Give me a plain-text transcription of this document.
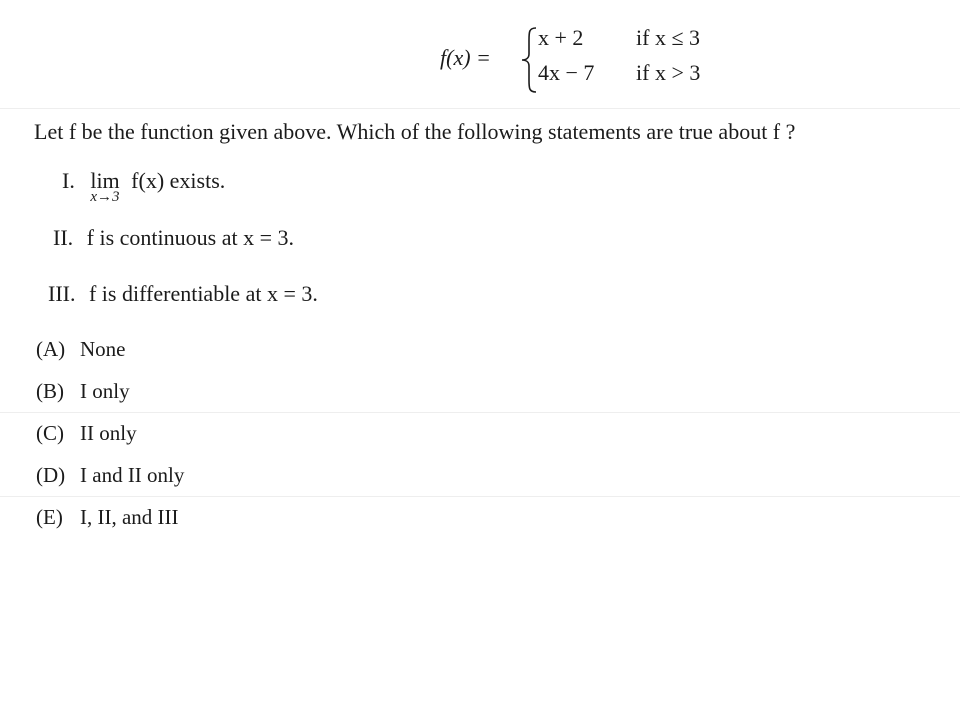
f(x) =
x + 2 if x ≤ 3
4x − 7 if x > 3
Let f be the function given above. Which of the following statements are true about f ?
I. lim
x→3
f(x) exists.
II. f is continuous at x = 3.
III. f is differentiable at x = 3.
(A) None
(B) I only
(C) II only
(D) I and II only
(E) I, II, and III
